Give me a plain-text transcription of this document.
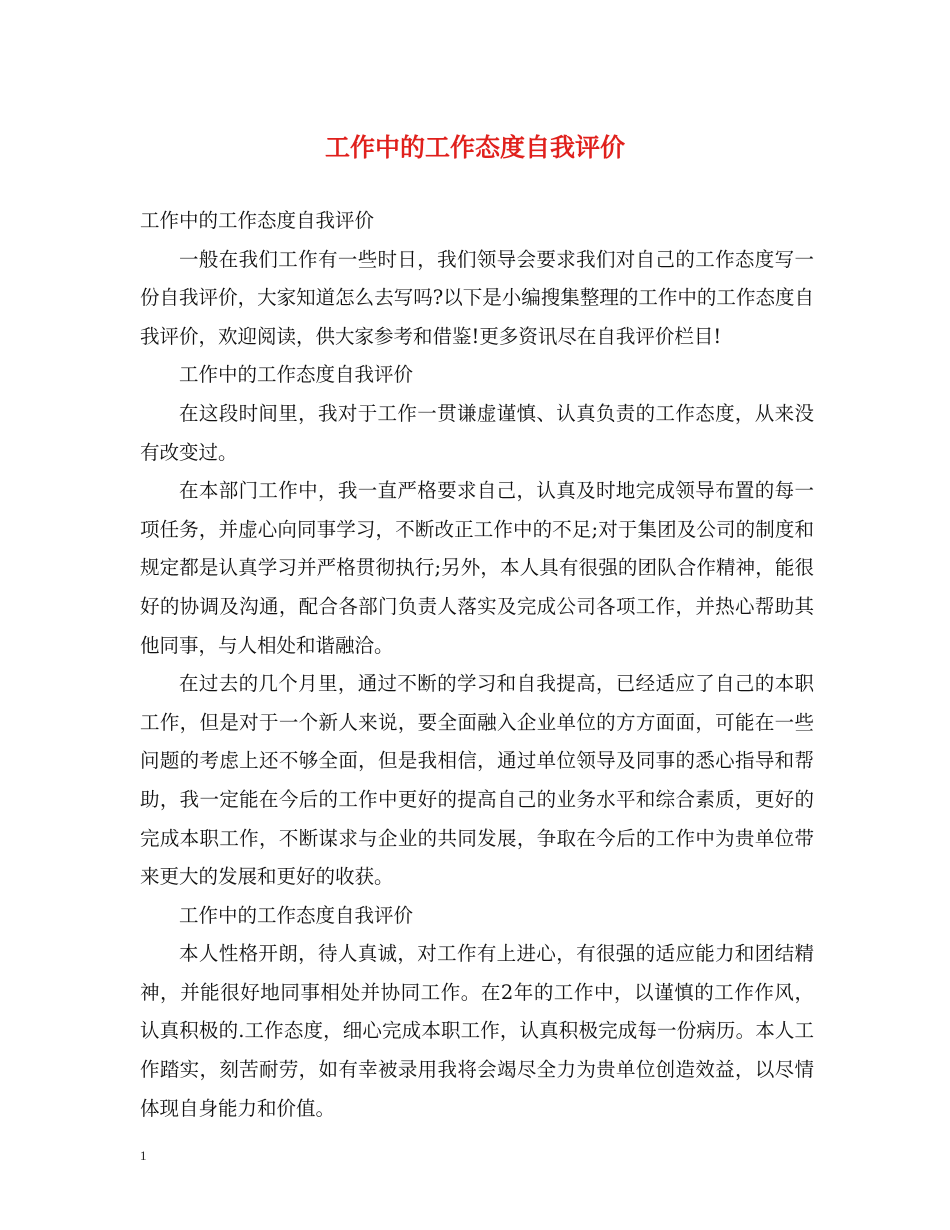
工作中的工作态度自我评价

工作中的工作态度自我评价

一般在我们工作有一些时日，我们领导会要求我们对自己的工作态度写一份自我评价，大家知道怎么去写吗?以下是小编搜集整理的工作中的工作态度自我评价，欢迎阅读，供大家参考和借鉴!更多资讯尽在自我评价栏目!

工作中的工作态度自我评价

在这段时间里，我对于工作一贯谦虚谨慎、认真负责的工作态度，从来没有改变过。

在本部门工作中，我一直严格要求自己，认真及时地完成领导布置的每一项任务，并虚心向同事学习，不断改正工作中的不足;对于集团及公司的制度和规定都是认真学习并严格贯彻执行;另外，本人具有很强的团队合作精神，能很好的协调及沟通，配合各部门负责人落实及完成公司各项工作，并热心帮助其他同事，与人相处和谐融洽。

在过去的几个月里，通过不断的学习和自我提高，已经适应了自己的本职工作，但是对于一个新人来说，要全面融入企业单位的方方面面，可能在一些问题的考虑上还不够全面，但是我相信，通过单位领导及同事的悉心指导和帮助，我一定能在今后的工作中更好的提高自己的业务水平和综合素质，更好的完成本职工作，不断谋求与企业的共同发展，争取在今后的工作中为贵单位带来更大的发展和更好的收获。

工作中的工作态度自我评价

本人性格开朗，待人真诚，对工作有上进心，有很强的适应能力和团结精神，并能很好地同事相处并协同工作。在2年的工作中，以谨慎的工作作风，认真积极的.工作态度，细心完成本职工作，认真积极完成每一份病历。本人工作踏实，刻苦耐劳，如有幸被录用我将会竭尽全力为贵单位创造效益，以尽情体现自身能力和价值。

1
